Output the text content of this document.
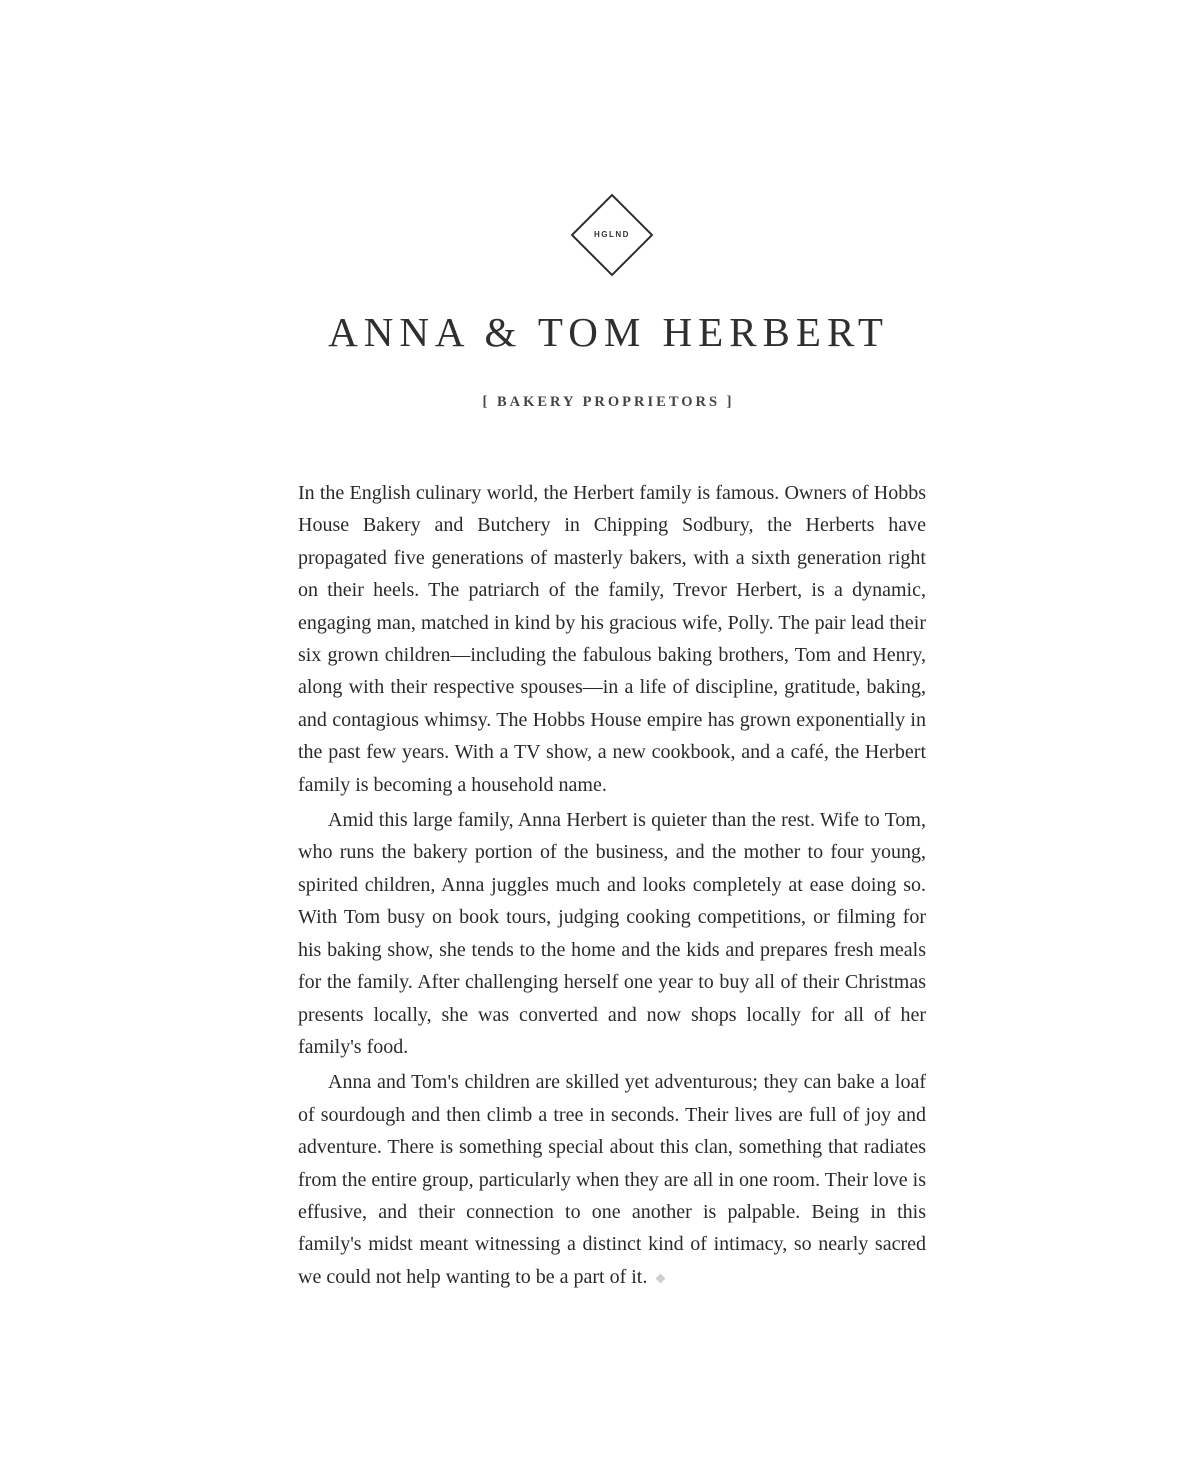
HGLND
ANNA & TOM HERBERT
[ BAKERY PROPRIETORS ]

In the English culinary world, the Herbert family is famous. Owners of Hobbs House Bakery and Butchery in Chipping Sodbury, the Herberts have propagated five generations of masterly bakers, with a sixth generation right on their heels. The patriarch of the family, Trevor Herbert, is a dynamic, engaging man, matched in kind by his gracious wife, Polly. The pair lead their six grown children—including the fabulous baking brothers, Tom and Henry, along with their respective spouses—in a life of discipline, gratitude, baking, and contagious whimsy. The Hobbs House empire has grown exponentially in the past few years. With a TV show, a new cookbook, and a café, the Herbert family is becoming a household name.

Amid this large family, Anna Herbert is quieter than the rest. Wife to Tom, who runs the bakery portion of the business, and the mother to four young, spirited children, Anna juggles much and looks completely at ease doing so. With Tom busy on book tours, judging cooking competitions, or filming for his baking show, she tends to the home and the kids and prepares fresh meals for the family. After challenging herself one year to buy all of their Christmas presents locally, she was converted and now shops locally for all of her family's food.

Anna and Tom's children are skilled yet adventurous; they can bake a loaf of sourdough and then climb a tree in seconds. Their lives are full of joy and adventure. There is something special about this clan, something that radiates from the entire group, particularly when they are all in one room. Their love is effusive, and their connection to one another is palpable. Being in this family's midst meant witnessing a distinct kind of intimacy, so nearly sacred we could not help wanting to be a part of it.
